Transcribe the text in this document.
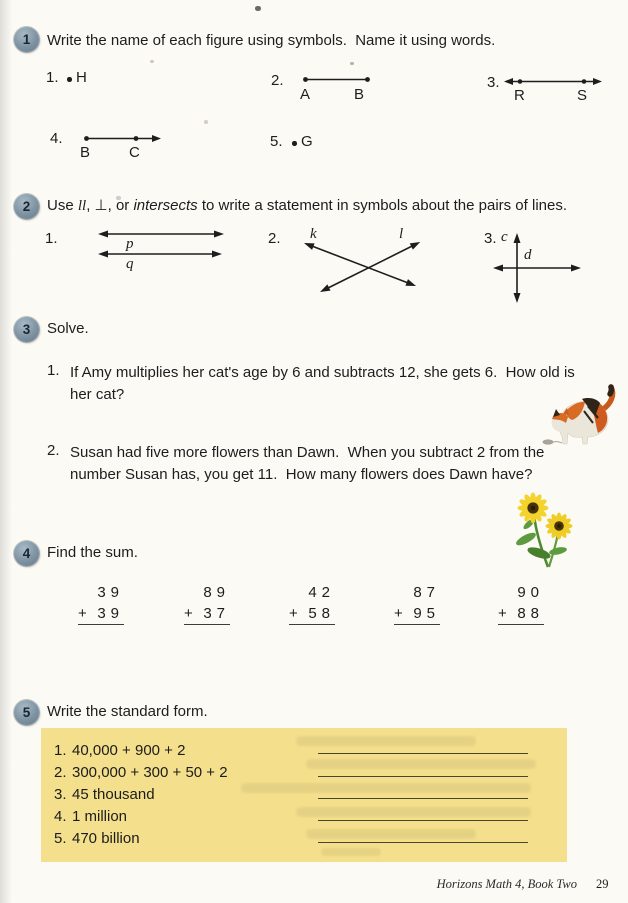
1	Write the name of each figure using symbols.  Name it using words.
1. H	2.
A	B
3.
R	S
4.
B	C
5. G
2	Use ll, ⊥, or intersects to write a statement in symbols about the pairs of lines.
1.	p
q
2. k	l	3. c
d
3	Solve.
1. If Amy multiplies her cat's age by 6 and subtracts 12, she gets 6.  How old is
her cat?
2. Susan had five more flowers than Dawn.  When you subtract 2 from the
number Susan has, you get 11.  How many flowers does Dawn have?
4	Find the sum.
39
+ 39
89
+ 37
42
+ 58
87
+ 95
90
+ 88
5	Write the standard form.
1. 40,000 + 900 + 2
2. 300,000 + 300 + 50 + 2
3. 45 thousand
4. 1 million
5. 470 billion
Horizons Math 4, Book Two 29
